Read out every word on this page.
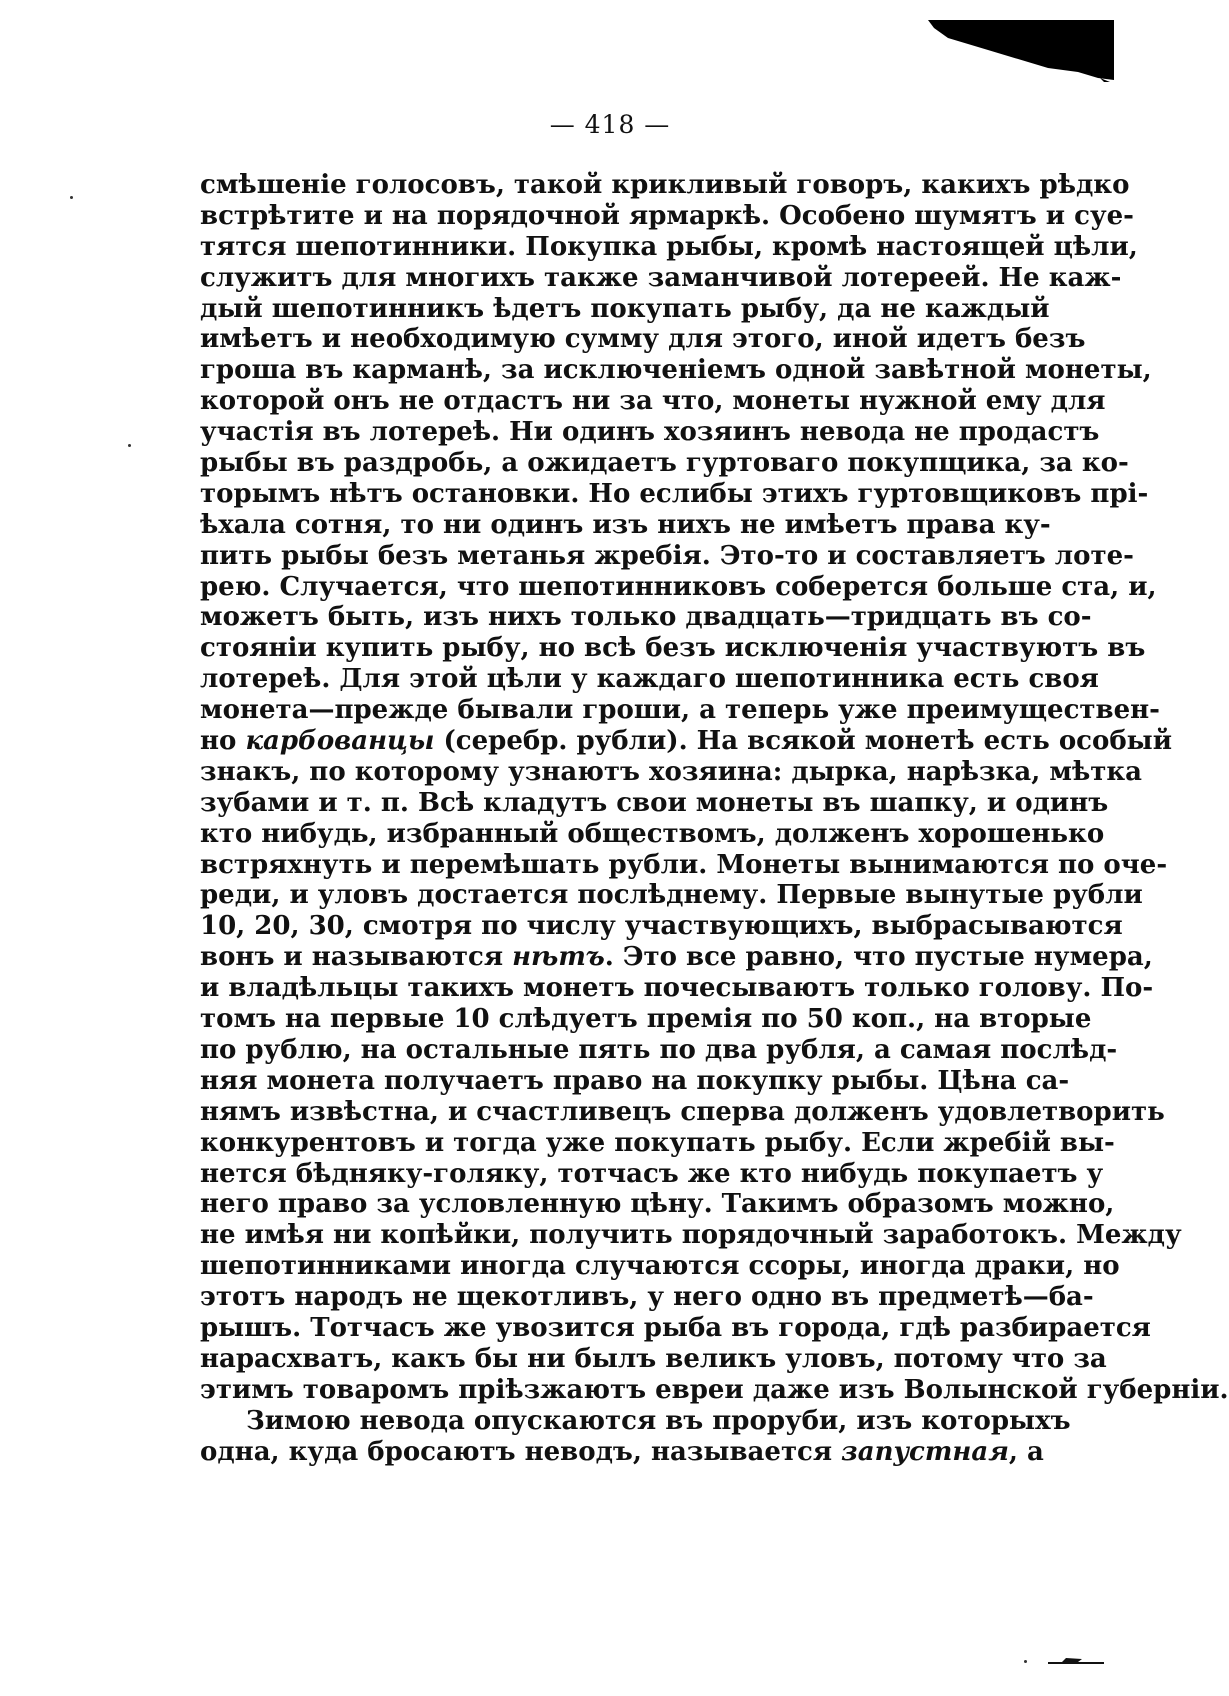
— 418 —
смѣшеніе голосовъ, такой крикливый говоръ, какихъ рѣдко
встрѣтите и на порядочной ярмаркѣ. Особено шумятъ и суе-
тятся шепотинники. Покупка рыбы, кромѣ настоящей цѣли,
служитъ для многихъ также заманчивой лотереей. Не каж-
дый шепотинникъ ѣдетъ покупать рыбу, да не каждый
имѣетъ и необходимую сумму для этого, иной идетъ безъ
гроша въ карманѣ, за исключеніемъ одной завѣтной монеты,
которой онъ не отдастъ ни за что, монеты нужной ему для
участія въ лотереѣ. Ни одинъ хозяинъ невода не продастъ
рыбы въ раздробь, а ожидаетъ гуртоваго покупщика, за ко-
торымъ нѣтъ остановки. Но еслибы этихъ гуртовщиковъ прі-
ѣхала сотня, то ни одинъ изъ нихъ не имѣетъ права ку-
пить рыбы безъ метанья жребія. Это-то и составляетъ лоте-
рею. Случается, что шепотинниковъ соберется больше ста, и,
можетъ быть, изъ нихъ только двадцать—тридцать въ со-
стояніи купить рыбу, но всѣ безъ исключенія участвуютъ въ
лотереѣ. Для этой цѣли у каждаго шепотинника есть своя
монета—прежде бывали гроши, а теперь уже преимуществен-
но карбованцы (серебр. рубли). На всякой монетѣ есть особый
знакъ, по которому узнаютъ хозяина: дырка, нарѣзка, мѣтка
зубами и т. п. Всѣ кладутъ свои монеты въ шапку, и одинъ
кто нибудь, избранный обществомъ, долженъ хорошенько
встряхнуть и перемѣшать рубли. Монеты вынимаются по оче-
реди, и уловъ достается послѣднему. Первые вынутые рубли
10, 20, 30, смотря по числу участвующихъ, выбрасываются
вонъ и называются нѣтъ. Это все равно, что пустые нумера,
и владѣльцы такихъ монетъ почесываютъ только голову. По-
томъ на первые 10 слѣдуетъ премія по 50 коп., на вторые
по рублю, на остальные пять по два рубля, а самая послѣд-
няя монета получаетъ право на покупку рыбы. Цѣна са-
нямъ извѣстна, и счастливецъ сперва долженъ удовлетворить
конкурентовъ и тогда уже покупать рыбу. Если жребій вы-
нется бѣдняку-голяку, тотчасъ же кто нибудь покупаетъ у
него право за условленную цѣну. Такимъ образомъ можно,
не имѣя ни копѣйки, получить порядочный заработокъ. Между
шепотинниками иногда случаются ссоры, иногда драки, но
этотъ народъ не щекотливъ, у него одно въ предметѣ—ба-
рышъ. Тотчасъ же увозится рыба въ города, гдѣ разбирается
нарасхватъ, какъ бы ни былъ великъ уловъ, потому что за
этимъ товаромъ пріѣзжаютъ евреи даже изъ Волынской губерніи.
Зимою невода опускаются въ проруби, изъ которыхъ
одна, куда бросаютъ неводъ, называется запустная, а
